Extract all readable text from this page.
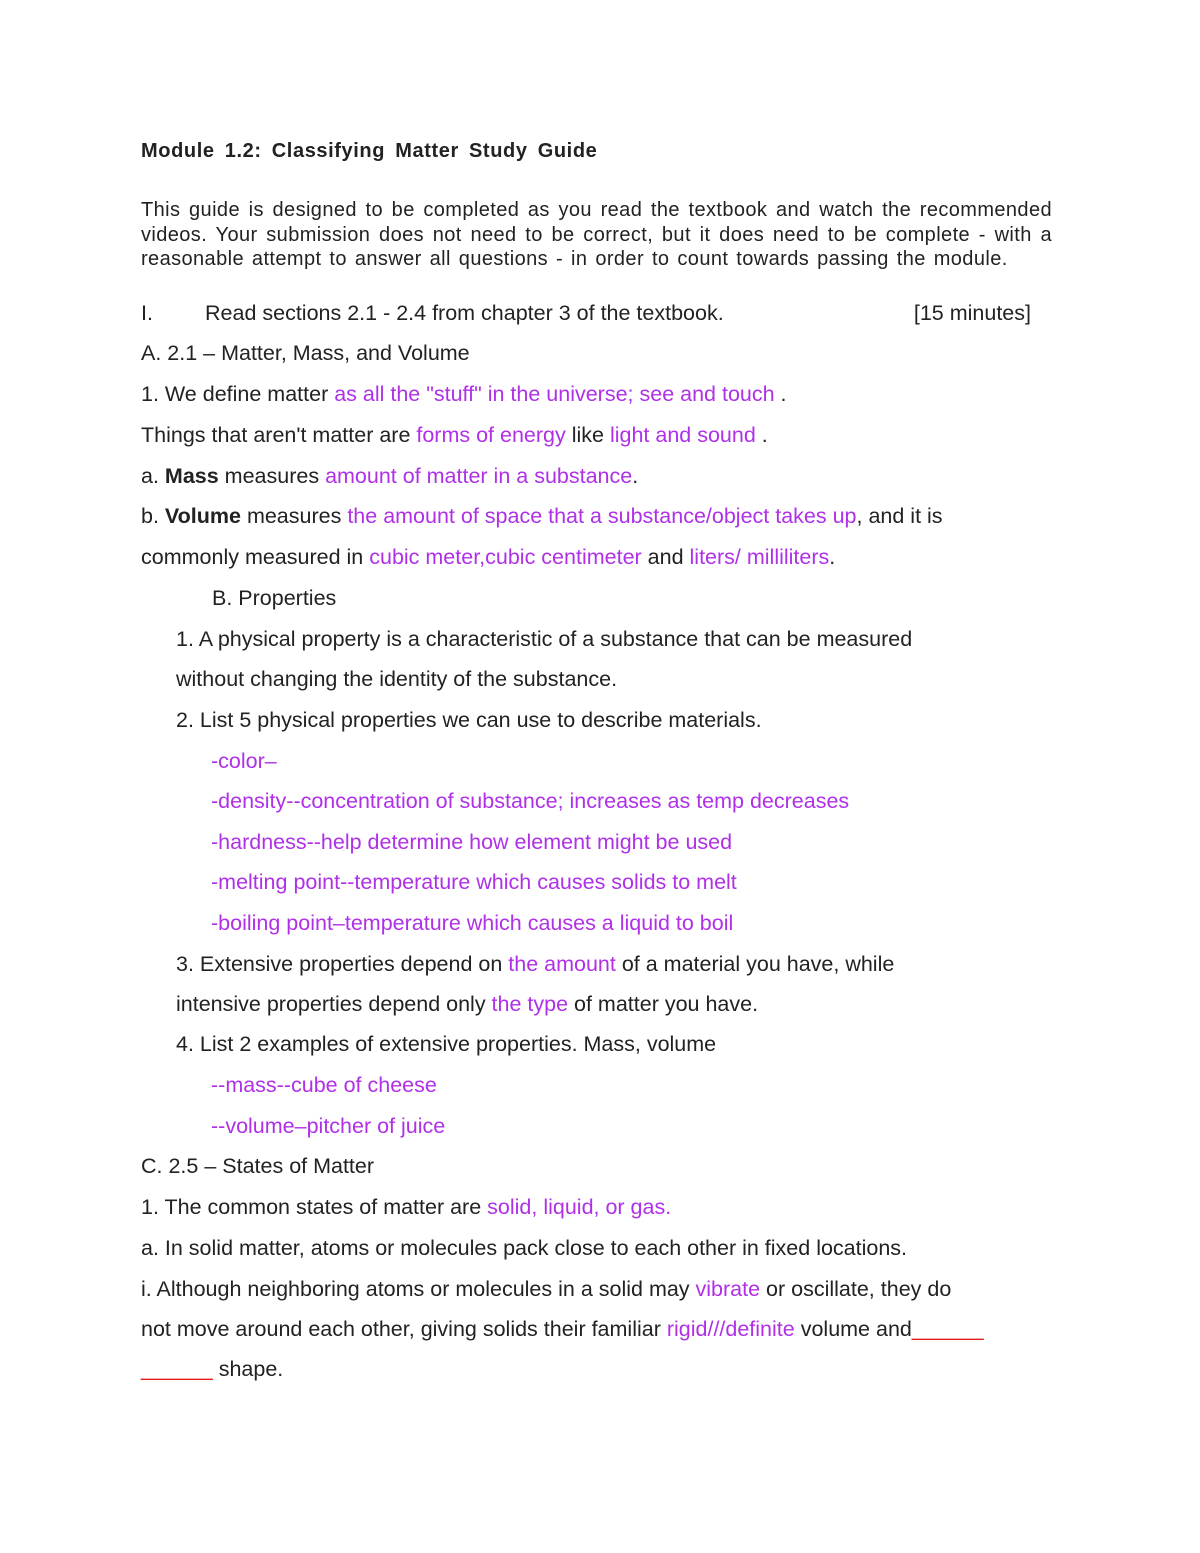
Module 1.2: Classifying Matter Study Guide
This guide is designed to be completed as you read the textbook and watch the recommended videos. Your submission does not need to be correct, but it does need to be complete - with a reasonable attempt to answer all questions - in order to count towards passing the module.
I. Read sections 2.1 - 2.4 from chapter 3 of the textbook.	[15 minutes]
A. 2.1 – Matter, Mass, and Volume
1. We define matter as all the "stuff" in the universe; see and touch .
Things that aren't matter are forms of energy like light and sound .
a. Mass measures amount of matter in a substance.
b. Volume measures the amount of space that a substance/object takes up, and it is
commonly measured in cubic meter,cubic centimeter and liters/ milliliters.
B. Properties
1. A physical property is a characteristic of a substance that can be measured
without changing the identity of the substance.
2. List 5 physical properties we can use to describe materials.
-color–
-density--concentration of substance; increases as temp decreases
-hardness--help determine how element might be used
-melting point--temperature which causes solids to melt
-boiling point–temperature which causes a liquid to boil
3. Extensive properties depend on the amount of a material you have, while
intensive properties depend only the type of matter you have.
4. List 2 examples of extensive properties. Mass, volume
--mass--cube of cheese
--volume–pitcher of juice
C. 2.5 – States of Matter
1. The common states of matter are solid, liquid, or gas.
a. In solid matter, atoms or molecules pack close to each other in fixed locations.
i. Although neighboring atoms or molecules in a solid may vibrate or oscillate, they do
not move around each other, giving solids their familiar rigid///definite volume and______
______ shape.
